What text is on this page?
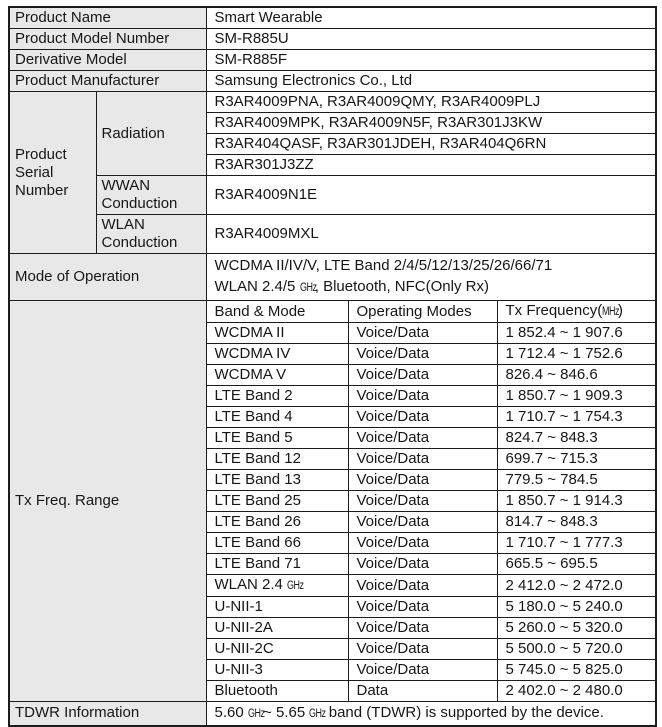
Product Name		Smart Wearable		
Product Model Number		SM-R885U		
Derivative Model		SM-R885F		
Product Manufacturer		Samsung Electronics Co., Ltd		
Product Serial Number	Radiation	R3AR4009PNA, R3AR4009QMY, R3AR4009PLJ		
		R3AR4009MPK, R3AR4009N5F, R3AR301J3KW		
		R3AR404QASF, R3AR301JDEH, R3AR404Q6RN		
		R3AR301J3ZZ		
	WWAN Conduction	R3AR4009N1E		
	WLAN Conduction	R3AR4009MXL		
Mode of Operation		WCDMA II/IV/V, LTE Band 2/4/5/12/13/25/26/66/71
WLAN 2.4/5 GHz, Bluetooth, NFC(Only Rx)		

Tx Freq. Range		Band & Mode	Operating Modes	Tx Frequency(MHz)
		WCDMA II	Voice/Data	1 852.4 ~ 1 907.6
		WCDMA IV	Voice/Data	1 712.4 ~ 1 752.6
		WCDMA V	Voice/Data	826.4 ~ 846.6
		LTE Band 2	Voice/Data	1 850.7 ~ 1 909.3
		LTE Band 4	Voice/Data	1 710.7 ~ 1 754.3
		LTE Band 5	Voice/Data	824.7 ~ 848.3
		LTE Band 12	Voice/Data	699.7 ~ 715.3
		LTE Band 13	Voice/Data	779.5 ~ 784.5
		LTE Band 25	Voice/Data	1 850.7 ~ 1 914.3
		LTE Band 26	Voice/Data	814.7 ~ 848.3
		LTE Band 66	Voice/Data	1 710.7 ~ 1 777.3
		LTE Band 71	Voice/Data	665.5 ~ 695.5
		WLAN 2.4 GHz	Voice/Data	2 412.0 ~ 2 472.0
		U-NII-1	Voice/Data	5 180.0 ~ 5 240.0
		U-NII-2A	Voice/Data	5 260.0 ~ 5 320.0
		U-NII-2C	Voice/Data	5 500.0 ~ 5 720.0
		U-NII-3	Voice/Data	5 745.0 ~ 5 825.0
		Bluetooth	Data	2 402.0 ~ 2 480.0
TDWR Information		5.60 GHz~ 5.65 GHz band (TDWR) is supported by the device.		
